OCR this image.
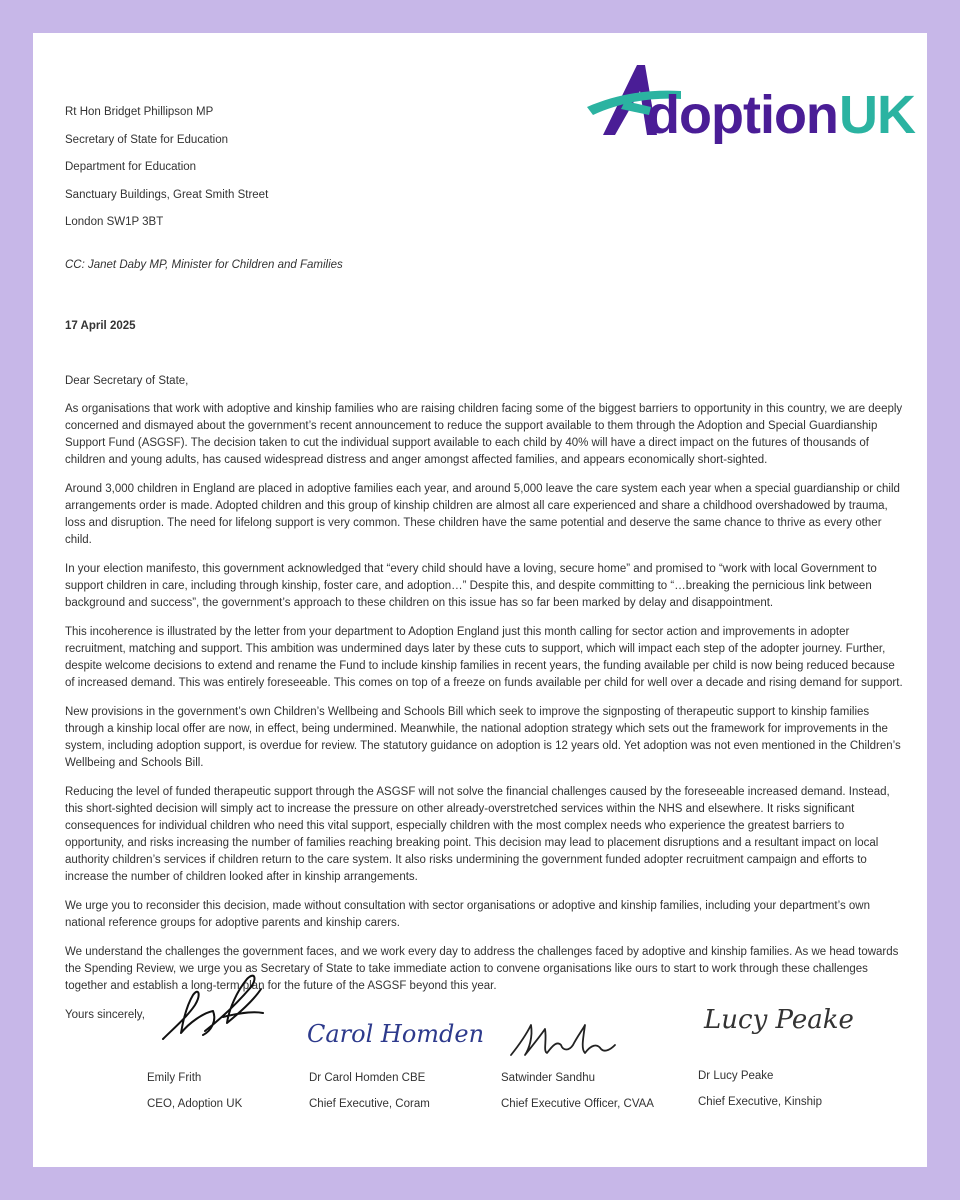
doption UK
Rt Hon Bridget Phillipson MP
Secretary of State for Education
Department for Education
Sanctuary Buildings, Great Smith Street
London SW1P 3BT
CC: Janet Daby MP, Minister for Children and Families
17 April 2025

Dear Secretary of State,

As organisations that work with adoptive and kinship families who are raising children facing some of the biggest barriers to opportunity in this country, we are deeply concerned and dismayed about the government’s recent announcement to reduce the support available to them through the Adoption and Special Guardianship Support Fund (ASGSF). The decision taken to cut the individual support available to each child by 40% will have a direct impact on the futures of thousands of children and young adults, has caused widespread distress and anger amongst affected families, and appears economically short-sighted.

Around 3,000 children in England are placed in adoptive families each year, and around 5,000 leave the care system each year when a special guardianship or child arrangements order is made. Adopted children and this group of kinship children are almost all care experienced and share a childhood overshadowed by trauma, loss and disruption. The need for lifelong support is very common. These children have the same potential and deserve the same chance to thrive as every other child.

In your election manifesto, this government acknowledged that “every child should have a loving, secure home” and promised to “work with local Government to support children in care, including through kinship, foster care, and adoption…” Despite this, and despite committing to “…breaking the pernicious link between background and success”, the government’s approach to these children on this issue has so far been marked by delay and disappointment.

This incoherence is illustrated by the letter from your department to Adoption England just this month calling for sector action and improvements in adopter recruitment, matching and support. This ambition was undermined days later by these cuts to support, which will impact each step of the adopter journey. Further, despite welcome decisions to extend and rename the Fund to include kinship families in recent years, the funding available per child is now being reduced because of increased demand. This was entirely foreseeable. This comes on top of a freeze on funds available per child for well over a decade and rising demand for support.

New provisions in the government’s own Children’s Wellbeing and Schools Bill which seek to improve the signposting of therapeutic support to kinship families through a kinship local offer are now, in effect, being undermined. Meanwhile, the national adoption strategy which sets out the framework for improvements in the system, including adoption support, is overdue for review. The statutory guidance on adoption is 12 years old. Yet adoption was not even mentioned in the Children’s Wellbeing and Schools Bill.

Reducing the level of funded therapeutic support through the ASGSF will not solve the financial challenges caused by the foreseeable increased demand. Instead, this short-sighted decision will simply act to increase the pressure on other already-overstretched services within the NHS and elsewhere. It risks significant consequences for individual children who need this vital support, especially children with the most complex needs who experience the greatest barriers to opportunity, and risks increasing the number of families reaching breaking point. This decision may lead to placement disruptions and a resultant impact on local authority children’s services if children return to the care system. It also risks undermining the government funded adopter recruitment campaign and efforts to increase the number of children looked after in kinship arrangements.

We urge you to reconsider this decision, made without consultation with sector organisations or adoptive and kinship families, including your department’s own national reference groups for adoptive parents and kinship carers.

We understand the challenges the government faces, and we work every day to address the challenges faced by adoptive and kinship families. As we head towards the Spending Review, we urge you as Secretary of State to take immediate action to convene organisations like ours to start to work through these challenges together and establish a long-term plan for the future of the ASGSF beyond this year.

Yours sincerely,

Emily Frith
CEO, Adoption UK
Carol Homden
Dr Carol Homden CBE
Chief Executive, Coram
Satwinder Sandhu
Chief Executive Officer, CVAA
Lucy Peake
Dr Lucy Peake
Chief Executive, Kinship
